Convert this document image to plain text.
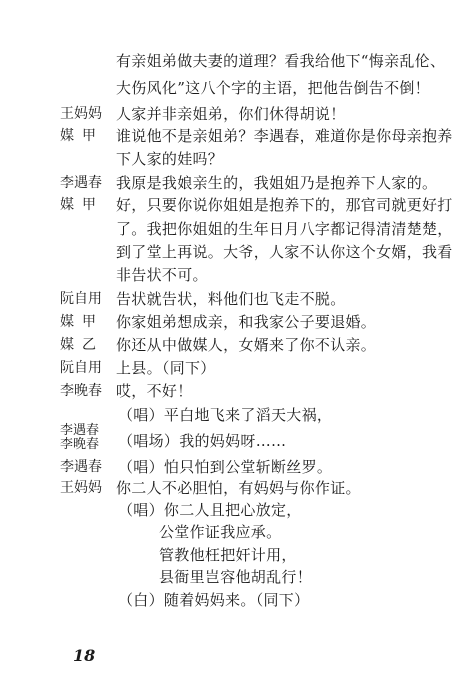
有亲姐弟做夫妻的道理？看我给他下“悔亲乱伦、
大伤风化”这八个字的主语，把他告倒告不倒！
王妈妈 人家并非亲姐弟，你们休得胡说！
媒甲 谁说他不是亲姐弟？李遇春，难道你是你母亲抱养
下人家的娃吗？
李遇春 我原是我娘亲生的，我姐姐乃是抱养下人家的。
媒甲 好，只要你说你姐姐是抱养下的，那官司就更好打
了。我把你姐姐的生年日月八字都记得清清楚楚，
到了堂上再说。大爷，人家不认你这个女婿，我看
非告状不可。
阮自用 告状就告状，料他们也飞走不脱。
媒甲 你家姐弟想成亲，和我家公子要退婚。
媒乙 你还从中做媒人，女婿来了你不认亲。
阮自用 上县。（同下）
李晚春 哎，不好！
（唱）平白地飞来了滔天大祸，
李遇春
李晚春 （唱场）我的妈妈呀……
李遇春 （唱）怕只怕到公堂斩断丝罗。
王妈妈 你二人不必胆怕，有妈妈与你作证。
（唱）你二人且把心放定，
公堂作证我应承。
管教他枉把奸计用，
县衙里岂容他胡乱行！
（白）随着妈妈来。（同下）
18
